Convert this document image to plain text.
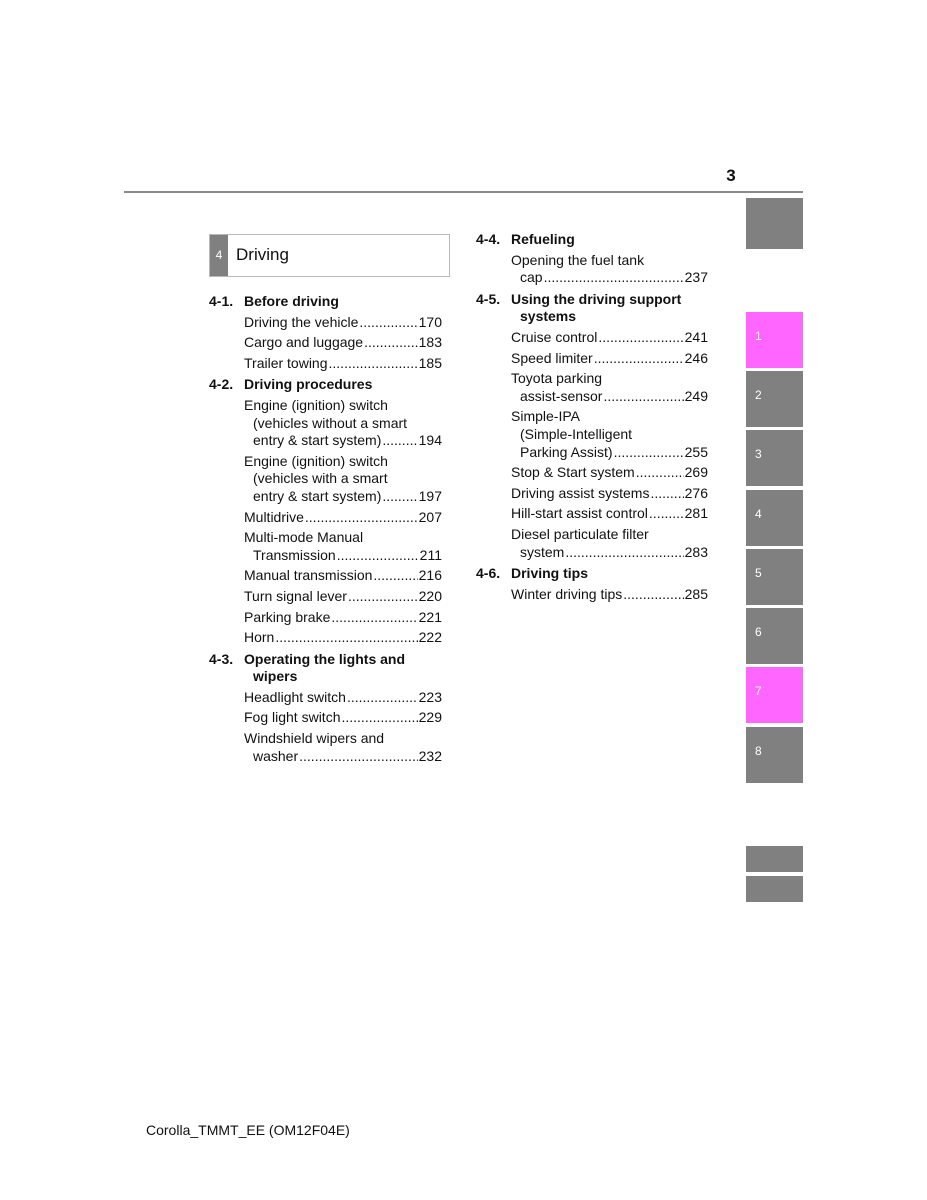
3
1
2
3
4
5
6
7
8
4 Driving
4-1. Before driving
Driving the vehicle .....	170
Cargo and luggage .....	183
Trailer towing .....	185
4-2. Driving procedures
Engine (ignition) switch
(vehicles without a smart
entry & start system) .....	194
Engine (ignition) switch
(vehicles with a smart
entry & start system) .....	197
Multidrive .....	207
Multi-mode Manual
Transmission .....	211
Manual transmission .....	216
Turn signal lever .....	220
Parking brake .....	221
Horn .....	222
4-3. Operating the lights and
wipers
Headlight switch .....	223
Fog light switch .....	229
Windshield wipers and
washer .....	232
4-4. Refueling
Opening the fuel tank
cap .....	237
4-5. Using the driving support
systems
Cruise control .....	241
Speed limiter .....	246
Toyota parking
assist-sensor .....	249
Simple-IPA
(Simple-Intelligent
Parking Assist) .....	255
Stop & Start system .....	269
Driving assist systems .....	276
Hill-start assist control .....	281
Diesel particulate filter
system .....	283
4-6. Driving tips
Winter driving tips .....	285
Corolla_TMMT_EE (OM12F04E)
